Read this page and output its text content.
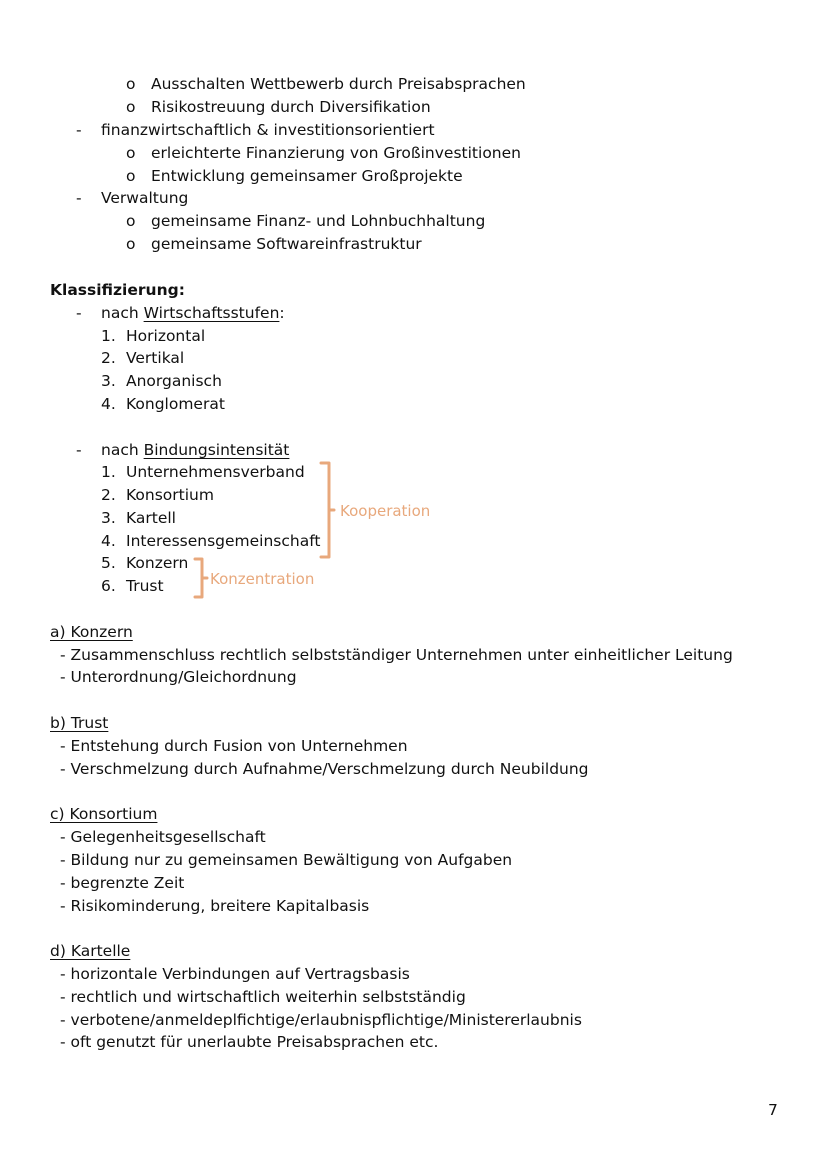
o Ausschalten Wettbewerb durch Preisabsprachen
o Risikostreuung durch Diversifikation
- finanzwirtschaftlich & investitionsorientiert
o erleichterte Finanzierung von Großinvestitionen
o Entwicklung gemeinsamer Großprojekte
- Verwaltung
o gemeinsame Finanz- und Lohnbuchhaltung
o gemeinsame Softwareinfrastruktur
Klassifizierung:
- nach Wirtschaftsstufen:
1. Horizontal
2. Vertikal
3. Anorganisch
4. Konglomerat
- nach Bindungsintensität
1. Unternehmensverband
2. Konsortium
3. Kartell
4. Interessensgemeinschaft
5. Konzern
6. Trust
Kooperation
Konzentration
a) Konzern
- Zusammenschluss rechtlich selbstständiger Unternehmen unter einheitlicher Leitung
- Unterordnung/Gleichordnung
b) Trust
- Entstehung durch Fusion von Unternehmen
- Verschmelzung durch Aufnahme/Verschmelzung durch Neubildung
c) Konsortium
- Gelegenheitsgesellschaft
- Bildung nur zu gemeinsamen Bewältigung von Aufgaben
- begrenzte Zeit
- Risikominderung, breitere Kapitalbasis
d) Kartelle
- horizontale Verbindungen auf Vertragsbasis
- rechtlich und wirtschaftlich weiterhin selbstständig
- verbotene/anmeldeplfichtige/erlaubnispflichtige/Ministererlaubnis
- oft genutzt für unerlaubte Preisabsprachen etc.
7
